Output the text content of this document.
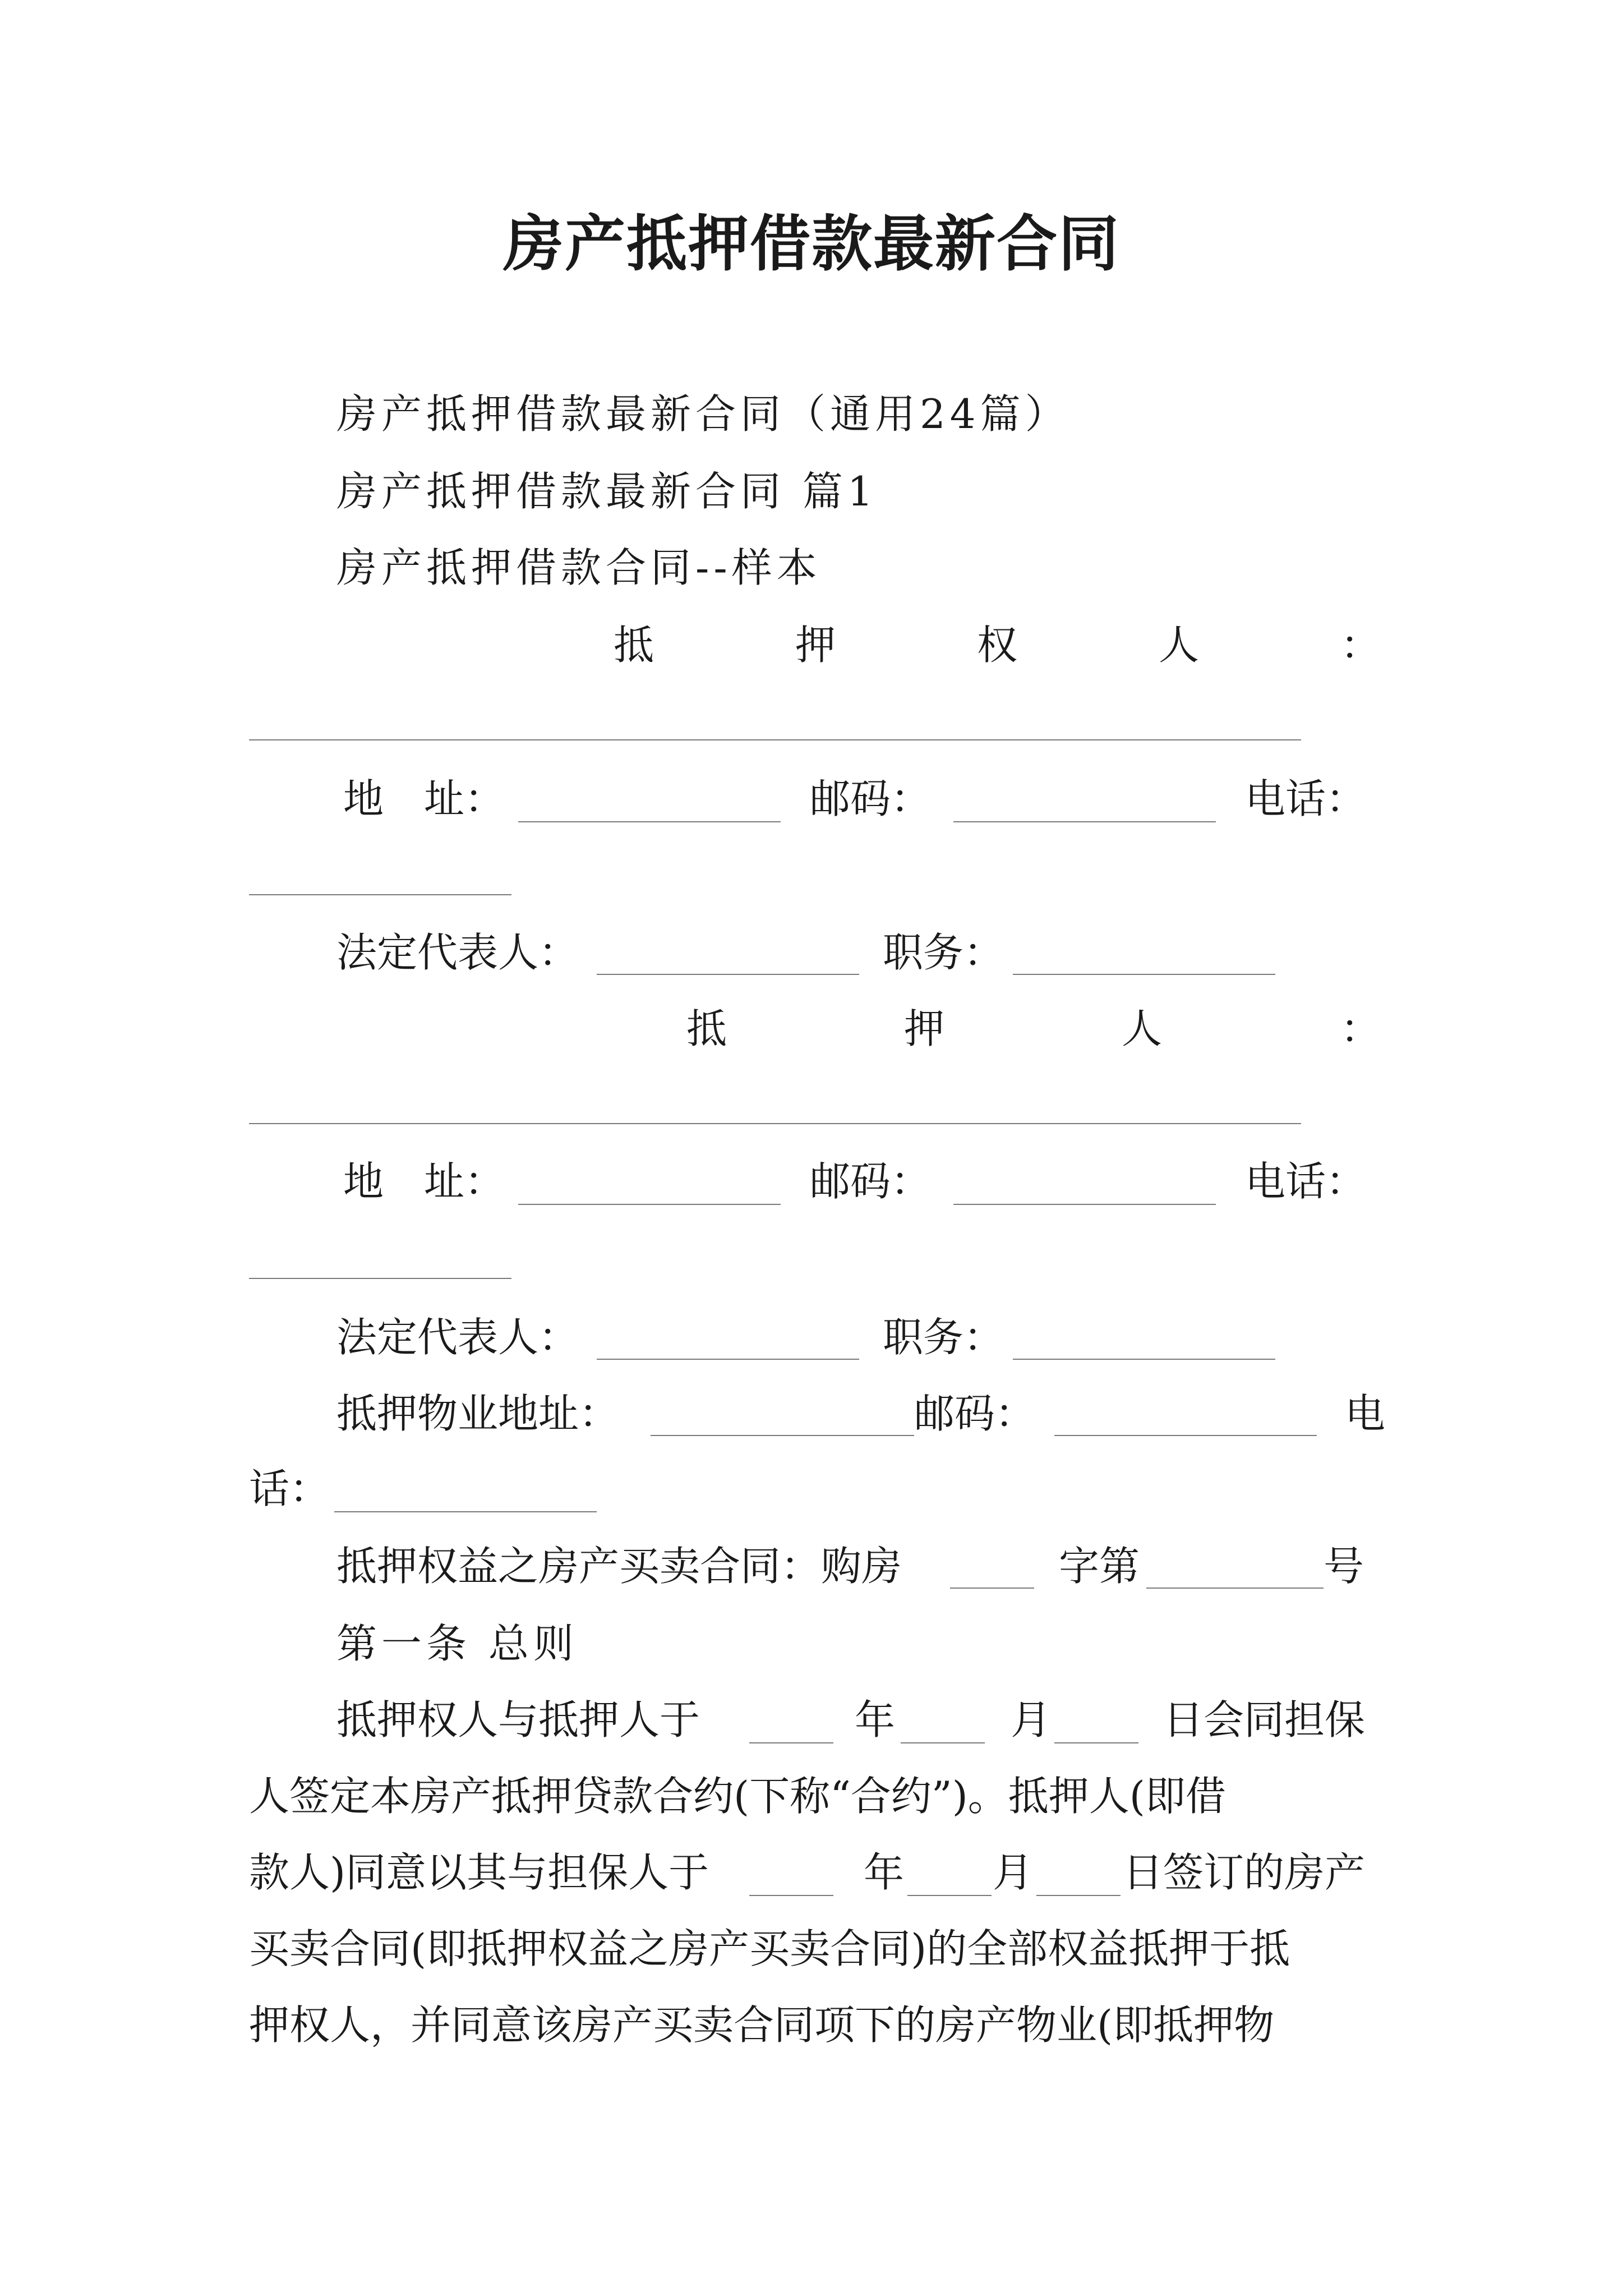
房产抵押借款最新合同
房产抵押借款最新合同（通用24篇）
房产抵押借款最新合同 篇1
房产抵押借款合同--样本
抵	押	权	人	：
地　址：	邮码：	电话：
法定代表人：	职务：
抵	押	人	：
地　址：	邮码：	电话：
法定代表人：	职务：
抵押物业地址：	邮码：	电
话：
抵押权益之房产买卖合同：购房	字第	号
第一条 总则
抵押权人与抵押人于	年	月	日会同担保
人签定本房产抵押贷款合约(下称“合约”)。抵押人(即借
款人)同意以其与担保人于	年 月 日签订的房产
买卖合同(即抵押权益之房产买卖合同)的全部权益抵押于抵
押权人，并同意该房产买卖合同项下的房产物业(即抵押物
